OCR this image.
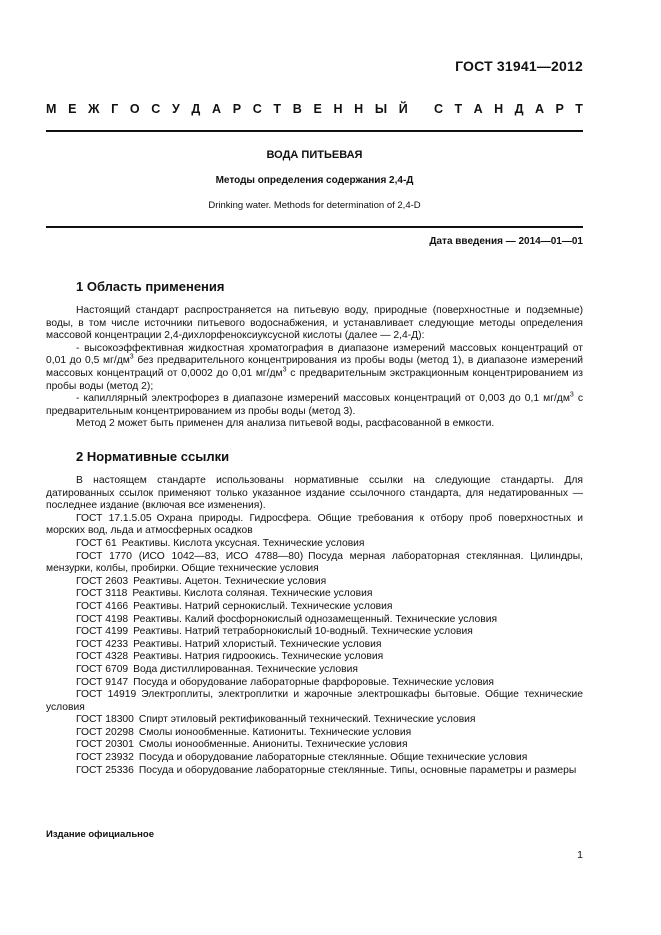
ГОСТ 31941—2012
М Е Ж Г О С У Д А Р С Т В Е Н Н Ы Й С Т А Н Д А Р Т
ВОДА ПИТЬЕВАЯ
Методы определения содержания 2,4-Д
Drinking water. Methods for determination of 2,4-D
Дата введения — 2014—01—01
1 Область применения

Настоящий стандарт распространяется на питьевую воду, природные (поверхностные и подземные) воды, в том числе источники питьевого водоснабжения, и устанавливает следующие методы определения массовой концентрации 2,4-дихлорфеноксиуксусной кислоты (далее — 2,4-Д):

- высокоэффективная жидкостная хроматография в диапазоне измерений массовых концентраций от 0,01 до 0,5 $мг/дм^3$ без предварительного концентрирования из пробы воды (метод 1), в диапазоне измерений массовых концентраций от 0,0002 до 0,01 $мг/дм^3$ с предварительным экстракционным концентрированием из пробы воды (метод 2);

- капиллярный электрофорез в диапазоне измерений массовых концентраций от 0,003 до 0,1 $мг/дм^3$ с предварительным концентрированием из пробы воды (метод 3).

Метод 2 может быть применен для анализа питьевой воды, расфасованной в емкости.

2 Нормативные ссылки

В настоящем стандарте использованы нормативные ссылки на следующие стандарты. Для датированных ссылок применяют только указанное издание ссылочного стандарта, для недатированных — последнее издание (включая все изменения).

ГОСТ 17.1.5.05 Охрана природы. Гидросфера. Общие требования к отбору проб поверхностных и морских вод, льда и атмосферных осадков

ГОСТ 61 Реактивы. Кислота уксусная. Технические условия

ГОСТ 1770 (ИСО 1042—83, ИСО 4788—80) Посуда мерная лабораторная стеклянная. Цилиндры, мензурки, колбы, пробирки. Общие технические условия

ГОСТ 2603 Реактивы. Ацетон. Технические условия

ГОСТ 3118 Реактивы. Кислота соляная. Технические условия

ГОСТ 4166 Реактивы. Натрий сернокислый. Технические условия

ГОСТ 4198 Реактивы. Калий фосфорнокислый однозамещенный. Технические условия

ГОСТ 4199 Реактивы. Натрий тетраборнокислый 10-водный. Технические условия

ГОСТ 4233 Реактивы. Натрий хлористый. Технические условия

ГОСТ 4328 Реактивы. Натрия гидроокись. Технические условия

ГОСТ 6709 Вода дистиллированная. Технические условия

ГОСТ 9147 Посуда и оборудование лабораторные фарфоровые. Технические условия

ГОСТ 14919 Электроплиты, электроплитки и жарочные электрошкафы бытовые. Общие технические условия

ГОСТ 18300 Спирт этиловый ректификованный технический. Технические условия

ГОСТ 20298 Смолы ионообменные. Катиониты. Технические условия

ГОСТ 20301 Смолы ионообменные. Аниониты. Технические условия

ГОСТ 23932 Посуда и оборудование лабораторные стеклянные. Общие технические условия

ГОСТ 25336 Посуда и оборудование лабораторные стеклянные. Типы, основные параметры и размеры

Издание официальное
1
